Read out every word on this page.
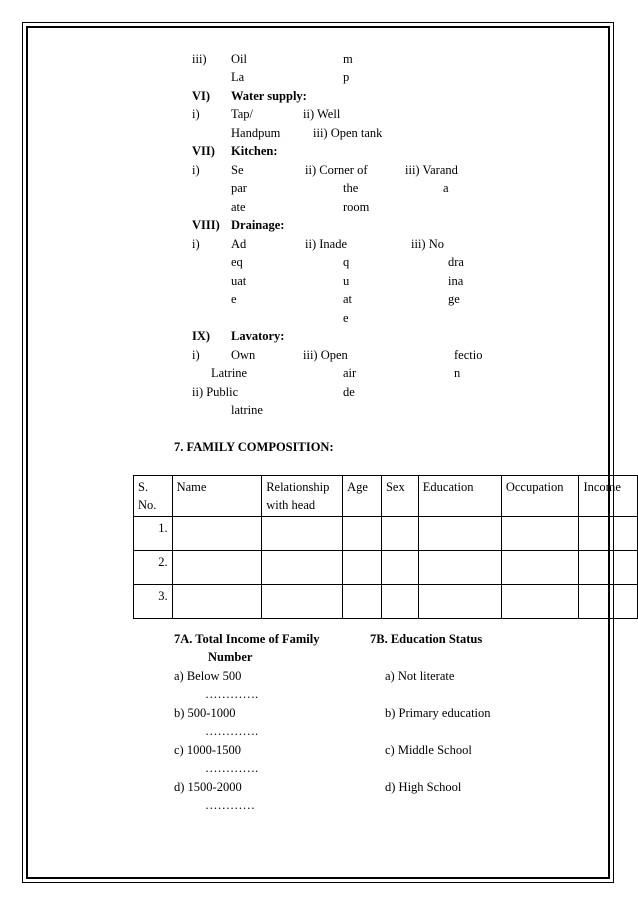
iii) Oil	m
La	p
VI) Water supply:
i)	Tap/	ii) Well
Handpum	iii) Open tank
VII) Kitchen:
i)	Se	ii) Corner of	iii) Varand
par	the	a
ate	room
VIII) Drainage:
i)	Ad	ii) Inade	iii) No
eq	q	dra
uat	u	ina
e	at	ge
e
IX) Lavatory:
i)	Own	iii) Open	fectio
Latrine	air	n
ii) Public	de
latrine
7. FAMILY COMPOSITION:
7A. Total Income of Family	7B. Education Status
Number
a) Below 500	a) Not literate
………….
b) 500-1000	b) Primary education
………….
c) 1000-1500	c) Middle School
………….
d) 1500-2000	d) High School
…………
S. No.	Name	Relationship with head	Age	Sex	Education	Occupation	Income
1.							
2.							
3.							
